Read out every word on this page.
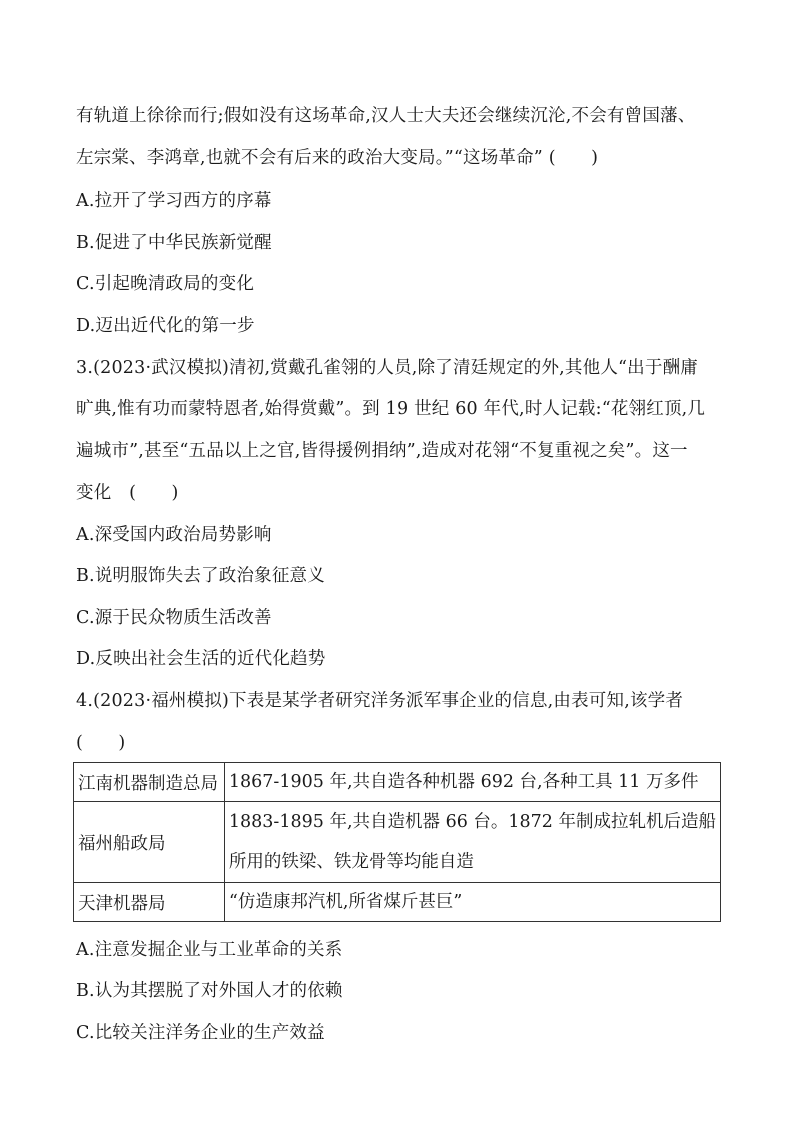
有轨道上徐徐而行;假如没有这场革命,汉人士大夫还会继续沉沦,不会有曾国藩、
左宗棠、李鸿章,也就不会有后来的政治大变局。”“这场革命” (　　)
A.拉开了学习西方的序幕
B.促进了中华民族新觉醒
C.引起晚清政局的变化
D.迈出近代化的第一步
3.(2023·武汉模拟)清初,赏戴孔雀翎的人员,除了清廷规定的外,其他人“出于酬庸
旷典,惟有功而蒙特恩者,始得赏戴”。到 19 世纪 60 年代,时人记载:“花翎红顶,几
遍城市”,甚至“五品以上之官,皆得援例捐纳”,造成对花翎“不复重视之矣”。这一
变化　(　　)
A.深受国内政治局势影响
B.说明服饰失去了政治象征意义
C.源于民众物质生活改善
D.反映出社会生活的近代化趋势
4.(2023·福州模拟)下表是某学者研究洋务派军事企业的信息,由表可知,该学者
(　　)
江南机器制造总局	1867-1905 年,共自造各种机器 692 台,各种工具 11 万多件

福州船政局	1883-1895 年,共自造机器 66 台。1872 年制成拉轧机后造船
所用的铁梁、铁龙骨等均能自造

天津机器局	“仿造康邦汽机,所省煤斤甚巨”
A.注意发掘企业与工业革命的关系
B.认为其摆脱了对外国人才的依赖
C.比较关注洋务企业的生产效益
